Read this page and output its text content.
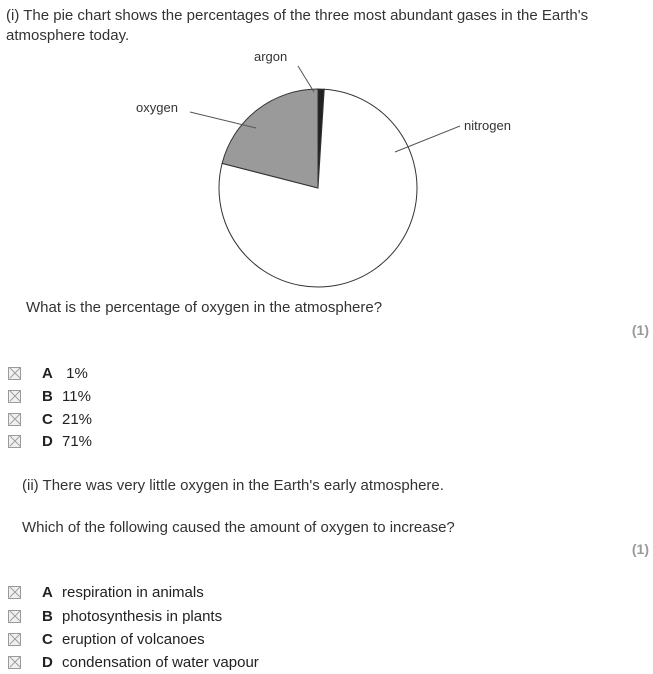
(i) The pie chart shows the percentages of the three most abundant gases in the Earth's atmosphere today.
nitrogen
oxygen
argon
What is the percentage of oxygen in the atmosphere?
(1)
A 1%
B 11%
C 21%
D 71%
(ii) There was very little oxygen in the Earth's early atmosphere.
Which of the following caused the amount of oxygen to increase?
(1)
A respiration in animals
B photosynthesis in plants
C eruption of volcanoes
D condensation of water vapour
